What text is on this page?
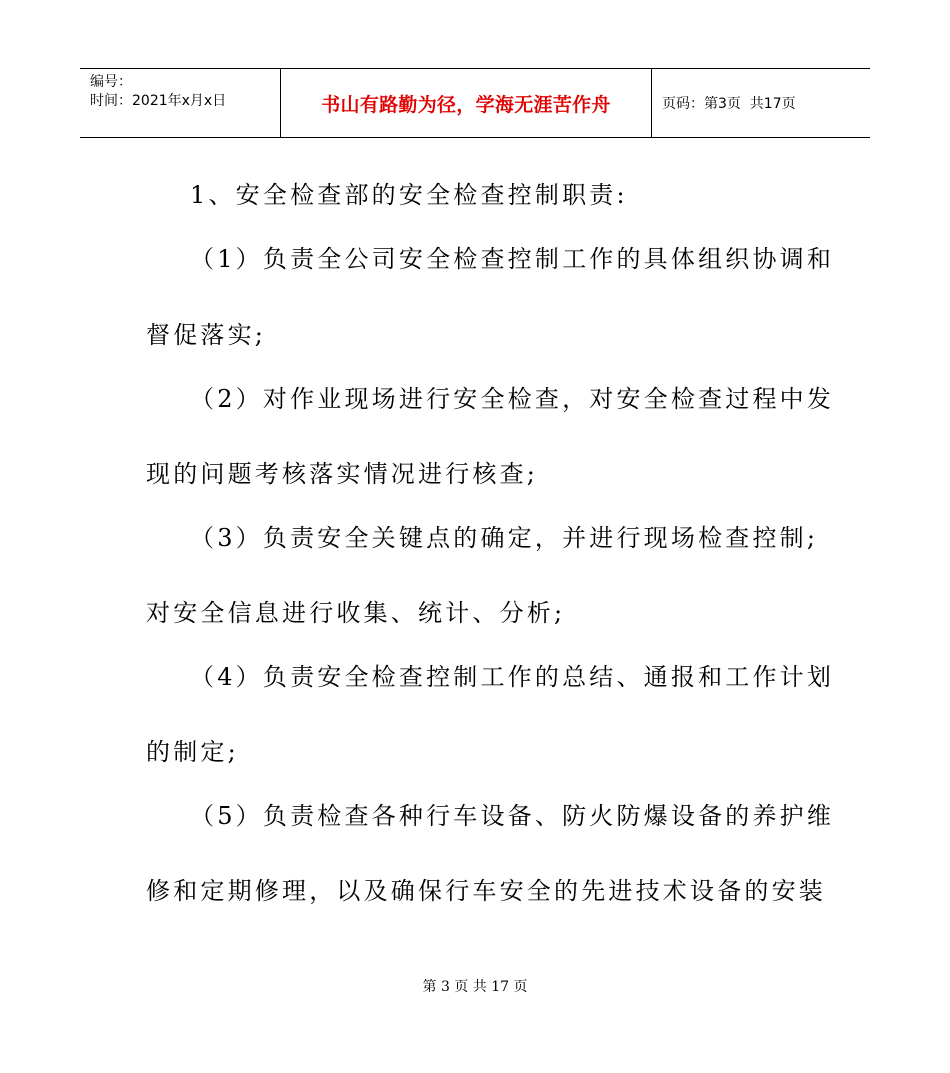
编号：
时间：2021年x月x日	书山有路勤为径，学海无涯苦作舟	页码：第3页  共17页
1、安全检查部的安全检查控制职责:
（1）负责全公司安全检查控制工作的具体组织协调和
督促落实;
（2）对作业现场进行安全检查，对安全检查过程中发
现的问题考核落实情况进行核查;
（3）负责安全关键点的确定，并进行现场检查控制;
对安全信息进行收集、统计、分析;
（4）负责安全检查控制工作的总结、通报和工作计划
的制定;
（5）负责检查各种行车设备、防火防爆设备的养护维
修和定期修理，以及确保行车安全的先进技术设备的安装
第 3 页 共 17 页
